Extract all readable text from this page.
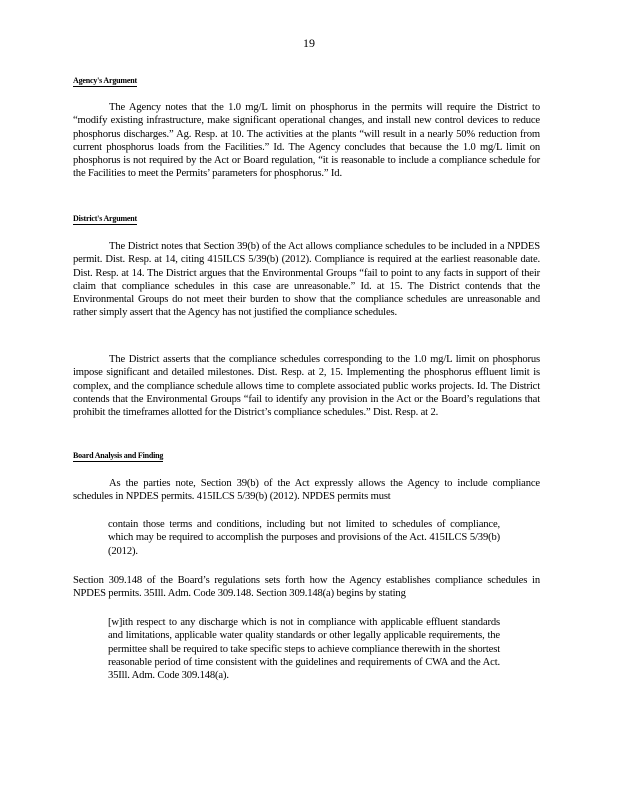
19
Agency's Argument

The Agency notes that the 1.0 mg/L limit on phosphorus in the permits will require the District to “modify existing infrastructure, make significant operational changes, and install new control devices to reduce phosphorus discharges.” Ag. Resp. at 10. The activities at the plants “will result in a nearly 50% reduction from current phosphorus loads from the Facilities.” Id. The Agency concludes that because the 1.0 mg/L limit on phosphorus is not required by the Act or Board regulation, “it is reasonable to include a compliance schedule for the Facilities to meet the Permits’ parameters for phosphorus.” Id.

District's Argument

The District notes that Section 39(b) of the Act allows compliance schedules to be included in a NPDES permit. Dist. Resp. at 14, citing 415ILCS 5/39(b) (2012). Compliance is required at the earliest reasonable date. Dist. Resp. at 14. The District argues that the Environmental Groups “fail to point to any facts in support of their claim that compliance schedules in this case are unreasonable.” Id. at 15. The District contends that the Environmental Groups do not meet their burden to show that the compliance schedules are unreasonable and rather simply assert that the Agency has not justified the compliance schedules.

The District asserts that the compliance schedules corresponding to the 1.0 mg/L limit on phosphorus impose significant and detailed milestones. Dist. Resp. at 2, 15. Implementing the phosphorus effluent limit is complex, and the compliance schedule allows time to complete associated public works projects. Id. The District contends that the Environmental Groups “fail to identify any provision in the Act or the Board’s regulations that prohibit the timeframes allotted for the District’s compliance schedules.” Dist. Resp. at 2.

Board Analysis and Finding

As the parties note, Section 39(b) of the Act expressly allows the Agency to include compliance schedules in NPDES permits. 415ILCS 5/39(b) (2012). NPDES permits must

contain those terms and conditions, including but not limited to schedules of compliance, which may be required to accomplish the purposes and provisions of the Act. 415ILCS 5/39(b) (2012).

Section 309.148 of the Board’s regulations sets forth how the Agency establishes compliance schedules in NPDES permits. 35Ill. Adm. Code 309.148. Section 309.148(a) begins by stating

[w]ith respect to any discharge which is not in compliance with applicable effluent standards and limitations, applicable water quality standards or other legally applicable requirements, the permittee shall be required to take specific steps to achieve compliance therewith in the shortest reasonable period of time consistent with the guidelines and requirements of CWA and the Act. 35Ill. Adm. Code 309.148(a).
